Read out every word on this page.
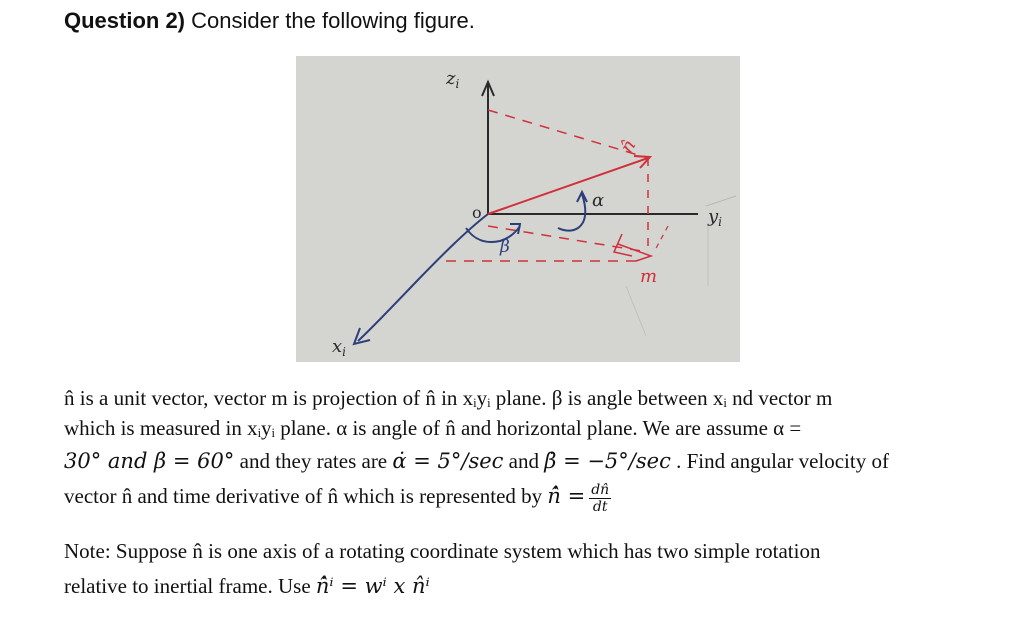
Question 2) Consider the following figure.
$z_i$
$y_i$
$x_i$
o
n̂
α
β
m
n̂ is a unit vector, vector m is projection of n̂ in xᵢyᵢ plane. β is angle between xᵢ nd vector m
which is measured in xᵢyᵢ plane. α is angle of n̂ and horizontal plane. We are assume α =
30° and β = 60° and they rates are α̇ = 5°/sec and β̇ = −5°/sec . Find angular velocity of
vector n̂ and time derivative of n̂ which is represented by n̂̇ = $\frac{dn̂}{dt}$
Note: Suppose n̂ is one axis of a rotating coordinate system which has two simple rotation
relative to inertial frame. Use n̂̇ⁱ = wⁱ x n̂ⁱ
